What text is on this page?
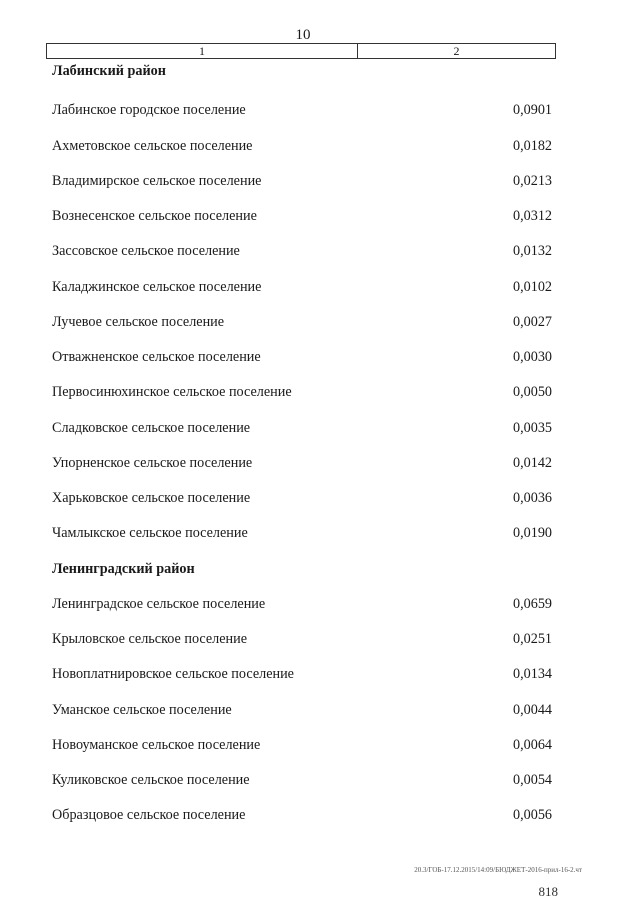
10
1	2
Лабинский район
Лабинское городское поселение	0,0901
Ахметовское сельское поселение	0,0182
Владимирское сельское поселение	0,0213
Вознесенское сельское поселение	0,0312
Зассовское сельское поселение	0,0132
Каладжинское сельское поселение	0,0102
Лучевое сельское поселение	0,0027
Отважненское сельское поселение	0,0030
Первосинюхинское сельское поселение	0,0050
Сладковское сельское поселение	0,0035
Упорненское сельское поселение	0,0142
Харьковское сельское поселение	0,0036
Чамлыкское сельское поселение	0,0190
Ленинградский район
Ленинградское сельское поселение	0,0659
Крыловское сельское поселение	0,0251
Новоплатнировское сельское поселение	0,0134
Уманское сельское поселение	0,0044
Новоуманское сельское поселение	0,0064
Куликовское сельское поселение	0,0054
Образцовое сельское поселение	0,0056
20.3/ГОБ-17.12.2015/14:09/БЮДЖЕТ-2016-прил-16-2.чт
818
